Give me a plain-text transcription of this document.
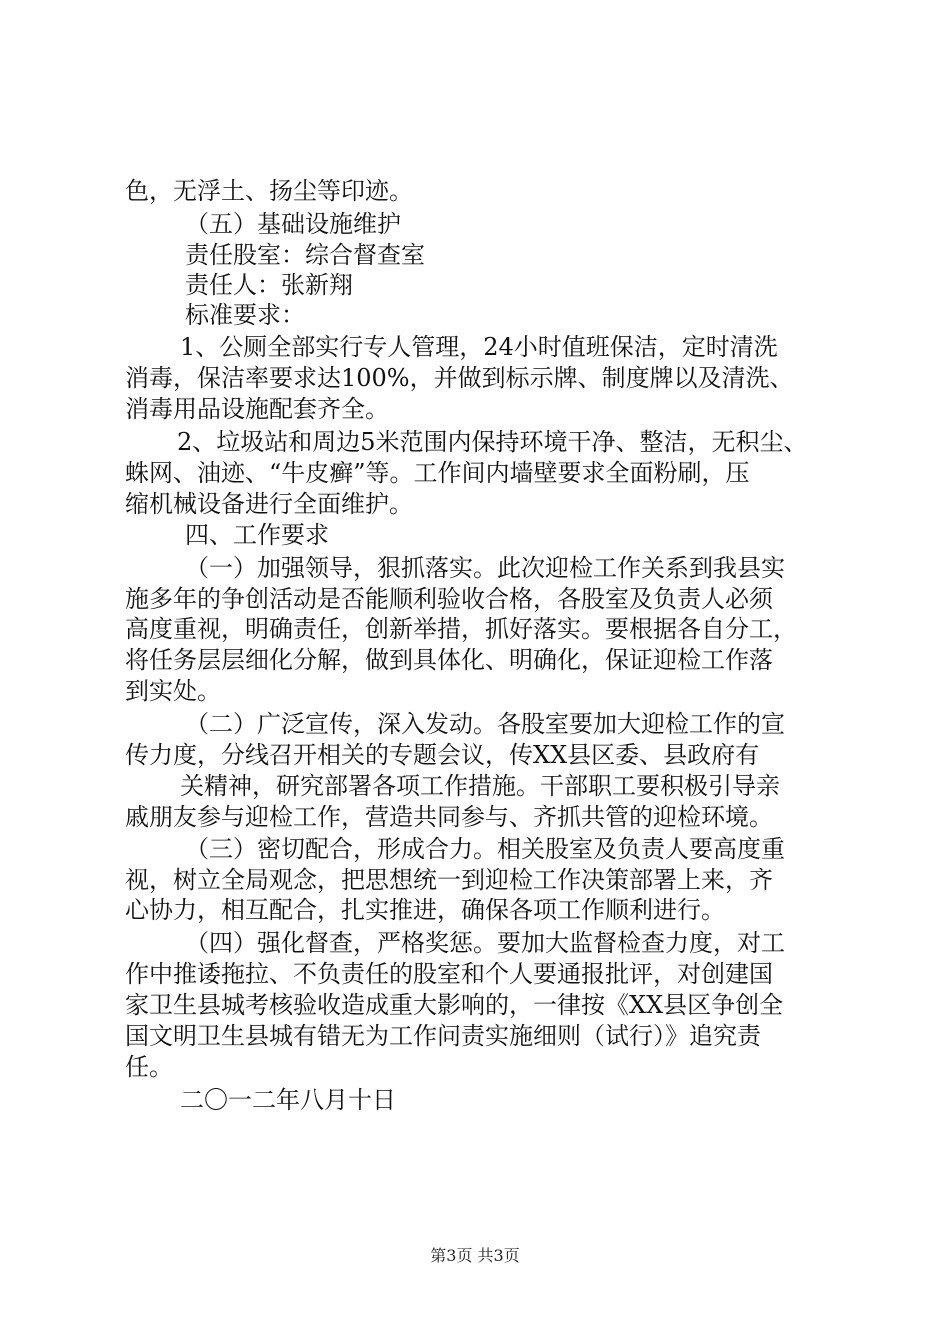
色，无浮土、扬尘等印迹。
（五）基础设施维护
责任股室：综合督查室
责任人：张新翔
标准要求：
1、公厕全部实行专人管理，24小时值班保洁，定时清洗
消毒，保洁率要求达100%，并做到标示牌、制度牌以及清洗、
消毒用品设施配套齐全。
2、垃圾站和周边5米范围内保持环境干净、整洁，无积尘、
蛛网、油迹、“牛皮癣”等。工作间内墙壁要求全面粉刷，压
缩机械设备进行全面维护。
四、工作要求
（一）加强领导，狠抓落实。此次迎检工作关系到我县实
施多年的争创活动是否能顺利验收合格，各股室及负责人必须
高度重视，明确责任，创新举措，抓好落实。要根据各自分工，
将任务层层细化分解，做到具体化、明确化，保证迎检工作落
到实处。
（二）广泛宣传，深入发动。各股室要加大迎检工作的宣
传力度，分线召开相关的专题会议，传XX县区委、县政府有
关精神，研究部署各项工作措施。干部职工要积极引导亲
戚朋友参与迎检工作，营造共同参与、齐抓共管的迎检环境。
（三）密切配合，形成合力。相关股室及负责人要高度重
视，树立全局观念，把思想统一到迎检工作决策部署上来，齐
心协力，相互配合，扎实推进，确保各项工作顺利进行。
（四）强化督查，严格奖惩。要加大监督检查力度，对工
作中推诿拖拉、不负责任的股室和个人要通报批评，对创建国
家卫生县城考核验收造成重大影响的，一律按《XX县区争创全
国文明卫生县城有错无为工作问责实施细则（试行）》追究责
任。
二〇一二年八月十日
第3页 共3页
